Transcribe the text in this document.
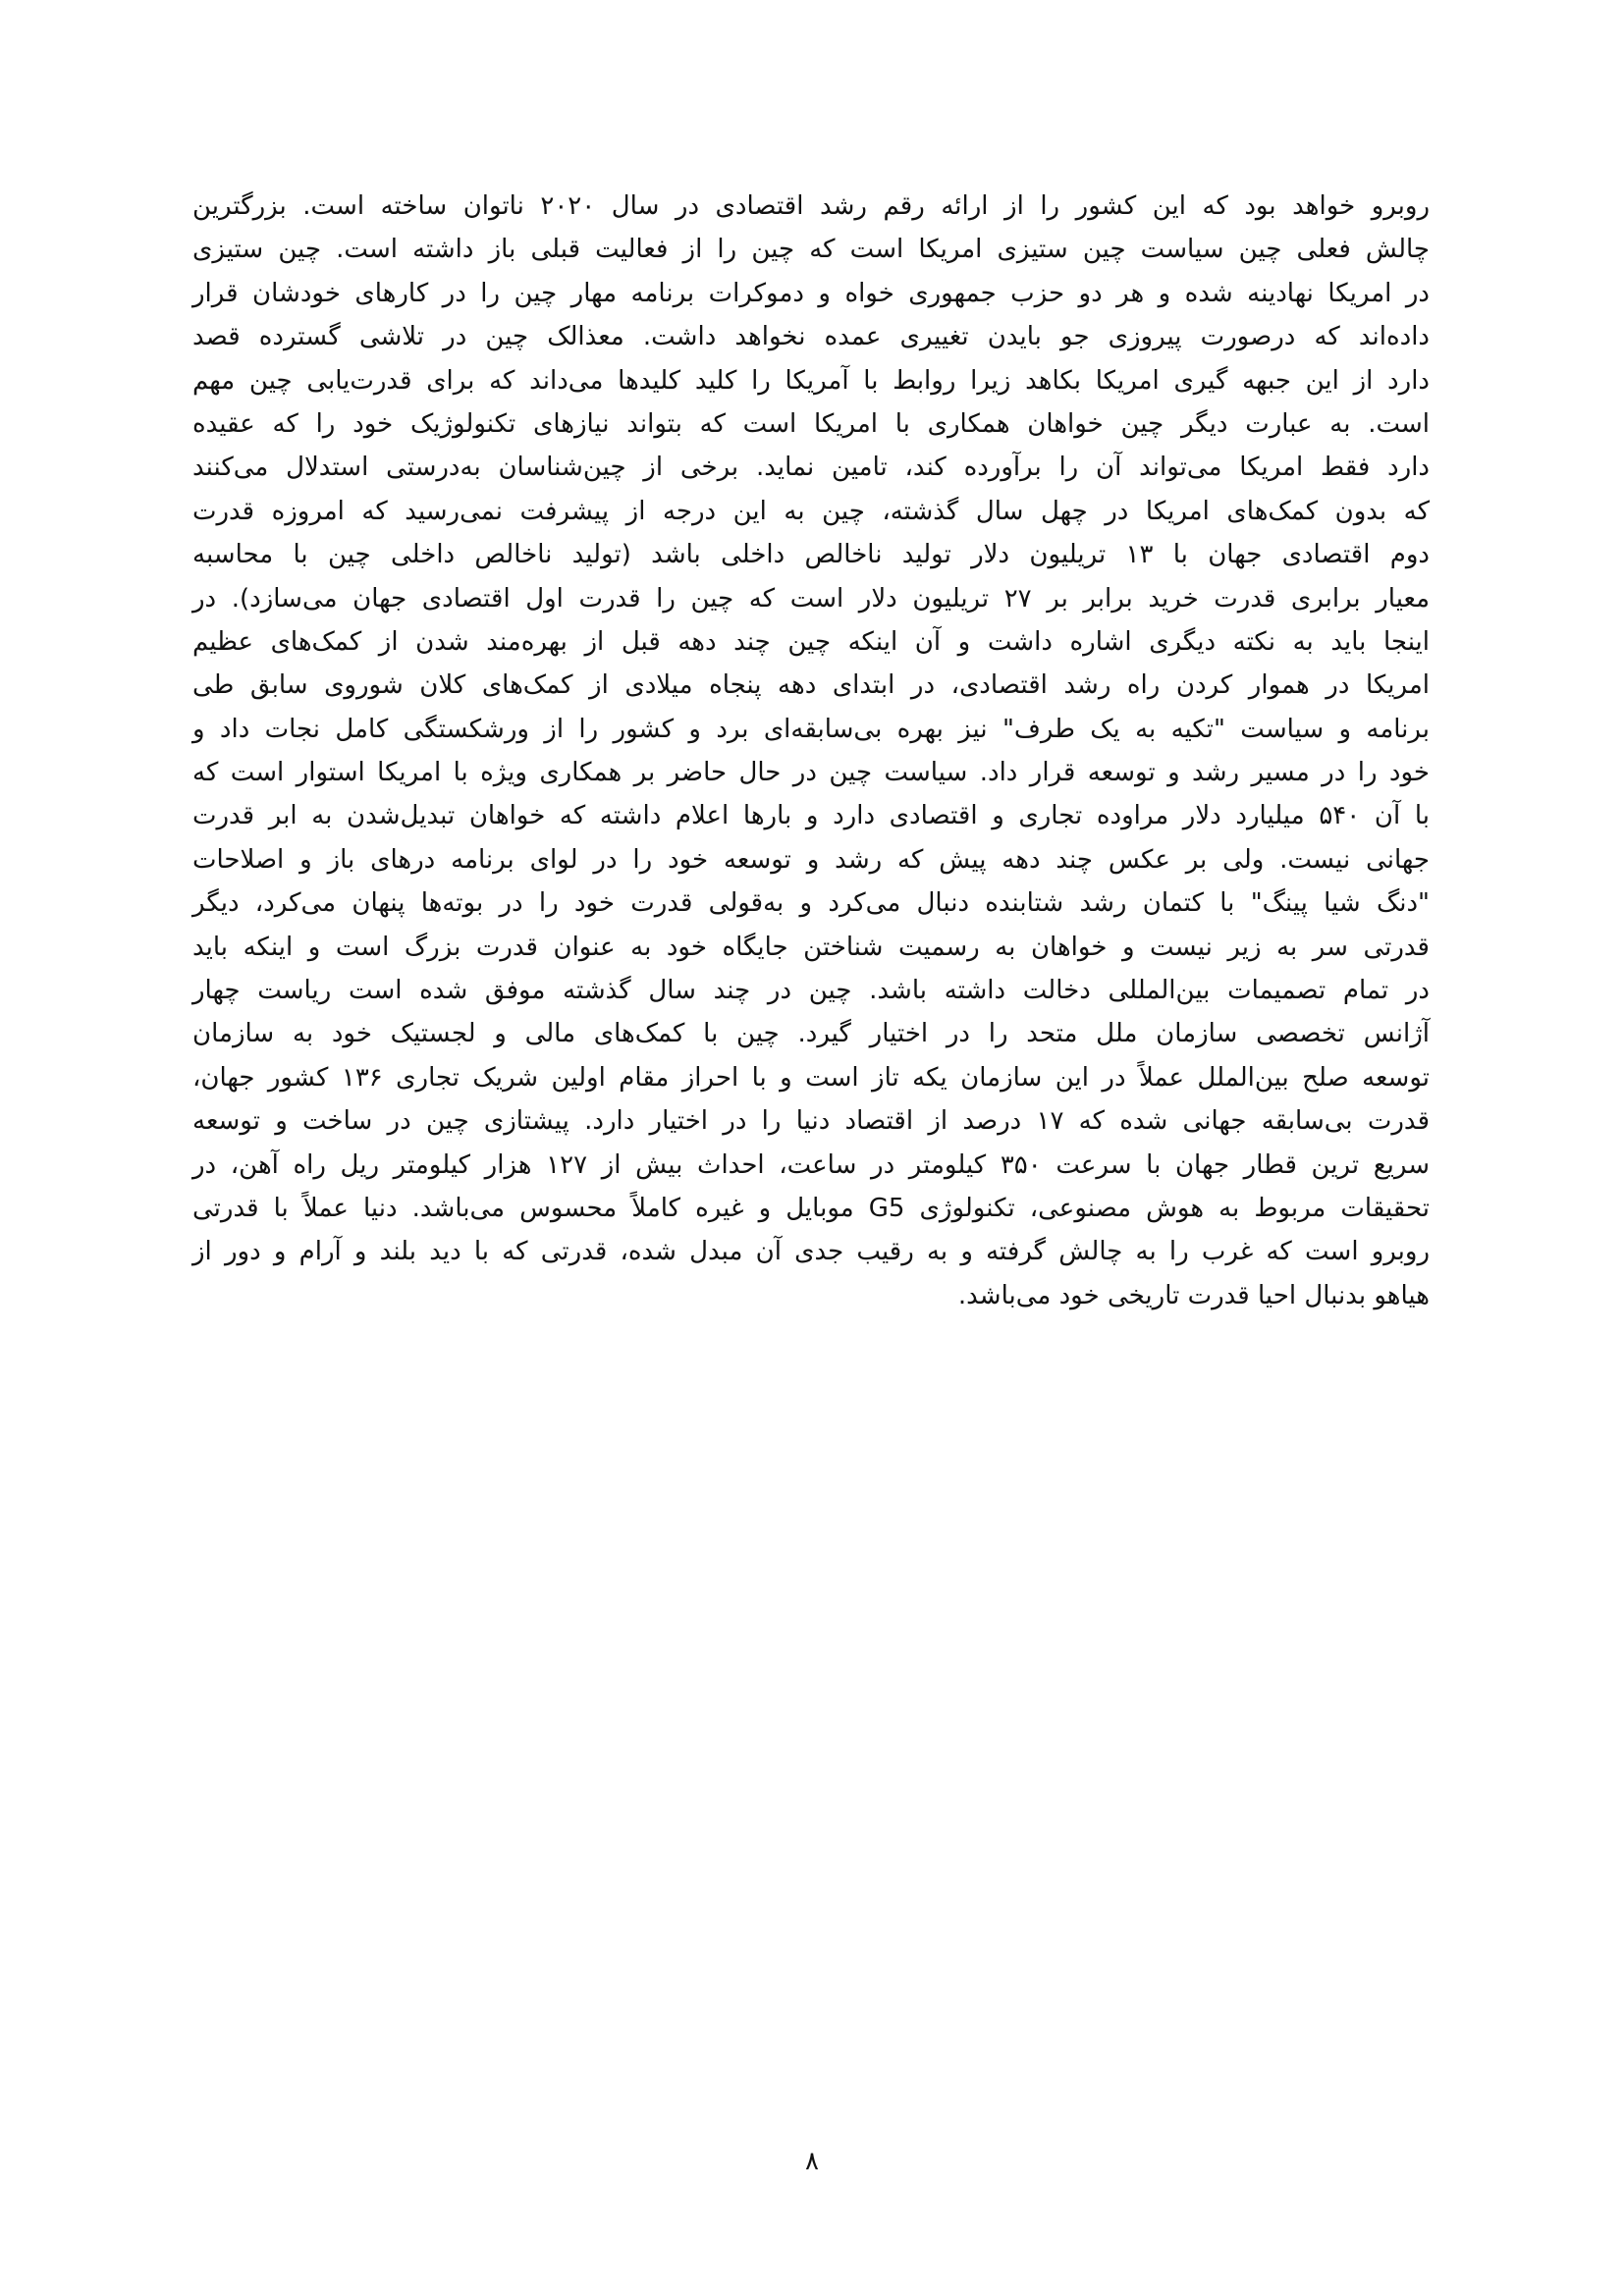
روبرو خواهد بود که این کشور را از ارائه رقم رشد اقتصادی در سال ۲۰۲۰ ناتوان ساخته است. بزرگترین
چالش فعلی چین سیاست چین ستیزی امریکا است که چین را از فعالیت قبلی باز داشته است. چین ستیزی
در امریکا نهادینه شده و هر دو حزب جمهوری خواه و دموکرات برنامه مهار چین را در کارهای خودشان قرار
داده‌اند که درصورت پیروزی جو بایدن تغییری عمده نخواهد داشت. معذالک چین در تلاشی گسترده قصد
دارد از این جبهه گیری امریکا بکاهد زیرا روابط با آمریکا را کلید کلیدها می‌داند که برای قدرت‌یابی چین مهم
است. به عبارت دیگر چین خواهان همکاری با امریکا است که بتواند نیازهای تکنولوژیک خود را که عقیده
دارد فقط امریکا می‌تواند آن را برآورده کند، تامین نماید. برخی از چین‌شناسان به‌درستی استدلال می‌کنند
که بدون کمک‌های امریکا در چهل سال گذشته، چین به این درجه از پیشرفت نمی‌رسید که امروزه قدرت
دوم اقتصادی جهان با ۱۳ تریلیون دلار تولید ناخالص داخلی باشد (تولید ناخالص داخلی چین با محاسبه
معیار برابری قدرت خرید برابر بر ۲۷ تریلیون دلار است که چین را قدرت اول اقتصادی جهان می‌سازد). در
اینجا باید به نکته دیگری اشاره داشت و آن اینکه چین چند دهه قبل از بهره‌مند شدن از کمک‌های عظیم
امریکا در هموار کردن راه رشد اقتصادی، در ابتدای دهه پنجاه میلادی از کمک‌های کلان شوروی سابق طی
برنامه و سیاست "تکیه به یک طرف" نیز بهره بی‌سابقه‌ای برد و کشور را از ورشکستگی کامل نجات داد و
خود را در مسیر رشد و توسعه قرار داد. سیاست چین در حال حاضر بر همکاری ویژه با امریکا استوار است که
با آن ۵۴۰ میلیارد دلار مراوده تجاری و اقتصادی دارد و بارها اعلام داشته که خواهان تبدیل‌شدن به ابر قدرت
جهانی نیست. ولی بر عکس چند دهه پیش که رشد و توسعه خود را در لوای برنامه درهای باز و اصلاحات
"دنگ شیا پینگ" با کتمان رشد شتابنده دنبال می‌کرد و به‌قولی قدرت خود را در بوته‌ها پنهان می‌کرد، دیگر
قدرتی سر به زیر نیست و خواهان به رسمیت شناختن جایگاه خود به عنوان قدرت بزرگ است و اینکه باید
در تمام تصمیمات بین‌المللی دخالت داشته باشد. چین در چند سال گذشته موفق شده است ریاست چهار
آژانس تخصصی سازمان ملل متحد را در اختیار گیرد. چین با کمک‌های مالی و لجستیک خود به سازمان
توسعه صلح بین‌الملل عملاً در این سازمان یکه تاز است و با احراز مقام اولین شریک تجاری ۱۳۶ کشور جهان،
قدرت بی‌سابقه جهانی شده که ۱۷ درصد از اقتصاد دنیا را در اختیار دارد. پیشتازی چین در ساخت و توسعه
سریع ترین قطار جهان با سرعت ۳۵۰ کیلومتر در ساعت، احداث بیش از ۱۲۷ هزار کیلومتر ریل راه آهن، در
تحقیقات مربوط به هوش مصنوعی، تکنولوژی G5 موبایل و غیره کاملاً محسوس می‌باشد. دنیا عملاً با قدرتی
روبرو است که غرب را به چالش گرفته و به رقیب جدی آن مبدل شده، قدرتی که با دید بلند و آرام و دور از
هیاهو بدنبال احیا قدرت تاریخی خود می‌باشد.
۸
